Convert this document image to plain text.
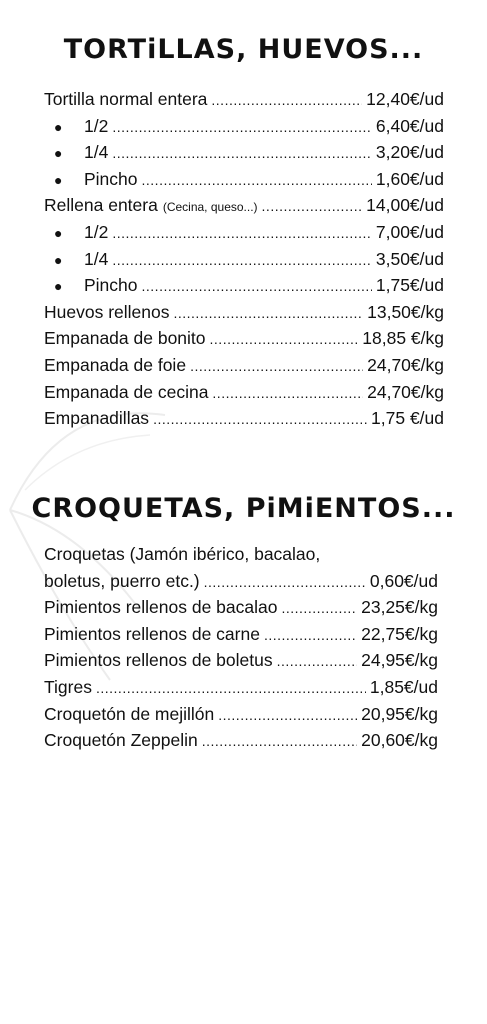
TORTiLLAS, HUEVOS...
Tortilla normal entera .....	12,40€/ud
●	1/2 .....	6,40€/ud
●	1/4 .....	3,20€/ud
●	Pincho .....	1,60€/ud
Rellena entera (Cecina, queso...) .....	14,00€/ud
●	1/2 .....	7,00€/ud
●	1/4 .....	3,50€/ud
●	Pincho .....	1,75€/ud
Huevos rellenos .....	13,50€/kg
Empanada de bonito .....	18,85 €/kg
Empanada de foie .....	24,70€/kg
Empanada de cecina .....	24,70€/kg
Empanadillas .....	1,75 €/ud
CROQUETAS, PiMiENTOS...
Croquetas (Jamón ibérico, bacalao,
boletus, puerro etc.) .....	0,60€/ud
Pimientos rellenos de bacalao .....	23,25€/kg
Pimientos rellenos de carne .....	22,75€/kg
Pimientos rellenos de boletus .....	24,95€/kg
Tigres .....	1,85€/ud
Croquetón de mejillón .....	20,95€/kg
Croquetón Zeppelin .....	20,60€/kg
